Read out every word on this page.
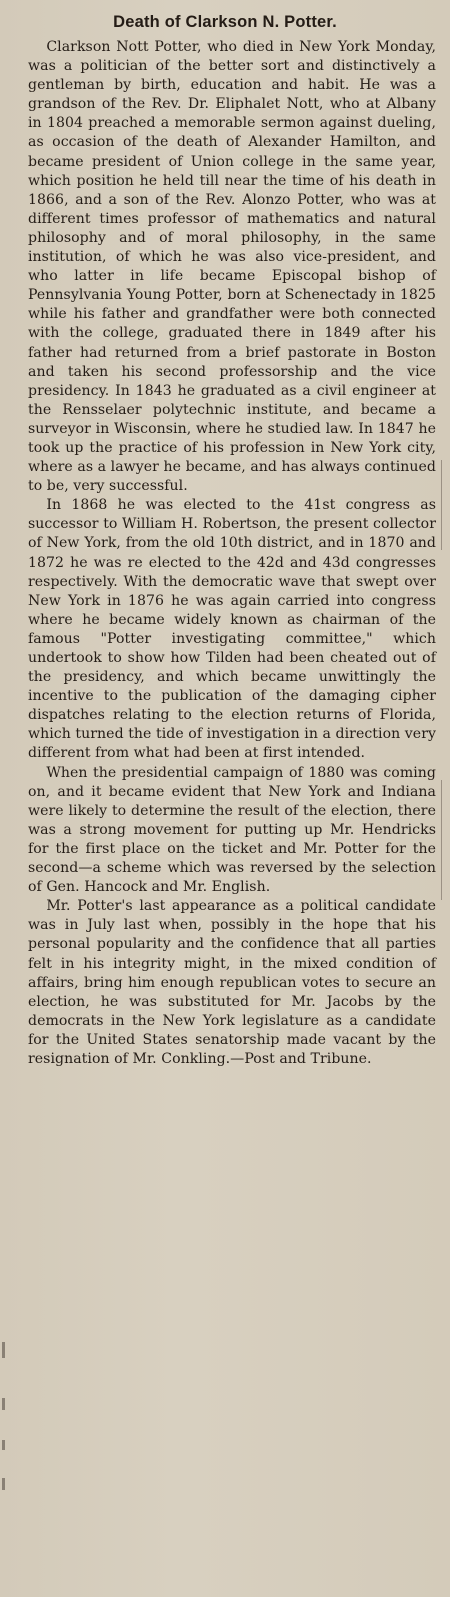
Death of Clarkson N. Potter.

Clarkson Nott Potter, who died in New York Monday, was a politician of the better sort and distinctively a gentleman by birth, education and habit. He was a grandson of the Rev. Dr. Eliphalet Nott, who at Albany in 1804 preached a memorable sermon against dueling, as occasion of the death of Alexander Hamilton, and became president of Union college in the same year, which position he held till near the time of his death in 1866, and a son of the Rev. Alonzo Potter, who was at different times professor of mathematics and natural philosophy and of moral philosophy, in the same institution, of which he was also vice-president, and who latter in life became Episcopal bishop of Pennsylvania Young Potter, born at Schenectady in 1825 while his father and grandfather were both connected with the college, graduated there in 1849 after his father had returned from a brief pastorate in Boston and taken his second professorship and the vice presidency. In 1843 he graduated as a civil engineer at the Rensselaer polytechnic institute, and became a surveyor in Wisconsin, where he studied law. In 1847 he took up the practice of his profession in New York city, where as a lawyer he became, and has always continued to be, very successful.

In 1868 he was elected to the 41st congress as successor to William H. Robertson, the present collector of New York, from the old 10th district, and in 1870 and 1872 he was re elected to the 42d and 43d congresses respectively. With the democratic wave that swept over New York in 1876 he was again carried into congress where he became widely known as chairman of the famous "Potter investigating committee," which undertook to show how Tilden had been cheated out of the presidency, and which became unwittingly the incentive to the publication of the damaging cipher dispatches relating to the election returns of Florida, which turned the tide of investigation in a direction very different from what had been at first intended.

When the presidential campaign of 1880 was coming on, and it became evident that New York and Indiana were likely to determine the result of the election, there was a strong movement for putting up Mr. Hendricks for the first place on the ticket and Mr. Potter for the second—a scheme which was reversed by the selection of Gen. Hancock and Mr. English.

Mr. Potter's last appearance as a political candidate was in July last when, possibly in the hope that his personal popularity and the confidence that all parties felt in his integrity might, in the mixed condition of affairs, bring him enough republican votes to secure an election, he was substituted for Mr. Jacobs by the democrats in the New York legislature as a candidate for the United States senatorship made vacant by the resignation of Mr. Conkling.—Post and Tribune.
